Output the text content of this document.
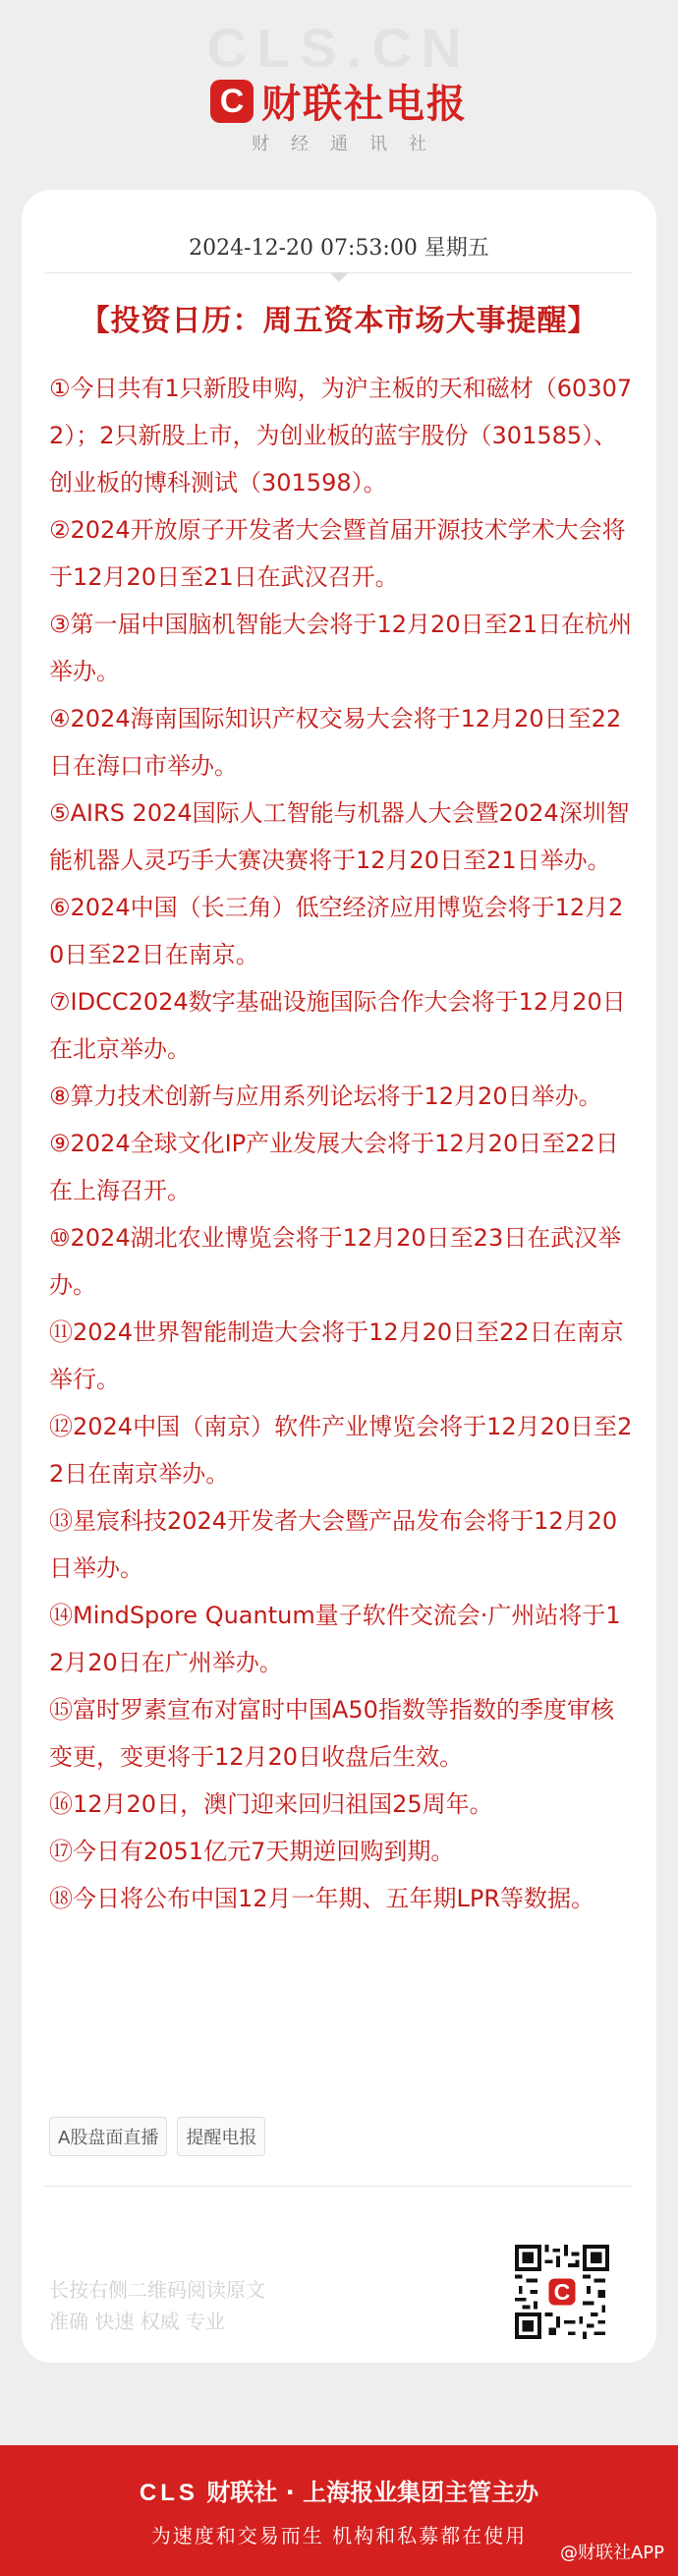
CLS.CN
C 财联社电报
财经通讯社
2024-12-20 07:53:00 星期五
【投资日历：周五资本市场大事提醒】
①今日共有1只新股申购，为沪主板的天和磁材（603072）；2只新股上市，为创业板的蓝宇股份（301585）、创业板的博科测试（301598）。
②2024开放原子开发者大会暨首届开源技术学术大会将于12月20日至21日在武汉召开。
③第一届中国脑机智能大会将于12月20日至21日在杭州举办。
④2024海南国际知识产权交易大会将于12月20日至22日在海口市举办。
⑤AIRS 2024国际人工智能与机器人大会暨2024深圳智能机器人灵巧手大赛决赛将于12月20日至21日举办。
⑥2024中国（长三角）低空经济应用博览会将于12月20日至22日在南京。
⑦IDCC2024数字基础设施国际合作大会将于12月20日在北京举办。
⑧算力技术创新与应用系列论坛将于12月20日举办。
⑨2024全球文化IP产业发展大会将于12月20日至22日在上海召开。
⑩2024湖北农业博览会将于12月20日至23日在武汉举办。
⑪2024世界智能制造大会将于12月20日至22日在南京举行。
⑫2024中国（南京）软件产业博览会将于12月20日至22日在南京举办。
⑬星宸科技2024开发者大会暨产品发布会将于12月20日举办。
⑭MindSpore Quantum量子软件交流会·广州站将于12月20日在广州举办。
⑮富时罗素宣布对富时中国A50指数等指数的季度审核变更，变更将于12月20日收盘后生效。
⑯12月20日，澳门迎来回归祖国25周年。
⑰今日有2051亿元7天期逆回购到期。
⑱今日将公布中国12月一年期、五年期LPR等数据。
A股盘面直播	提醒电报
长按右侧二维码阅读原文
准确 快速 权威 专业
C
CLS 财联社 · 上海报业集团主管主办
为速度和交易而生 机构和私募都在使用
@财联社APP
